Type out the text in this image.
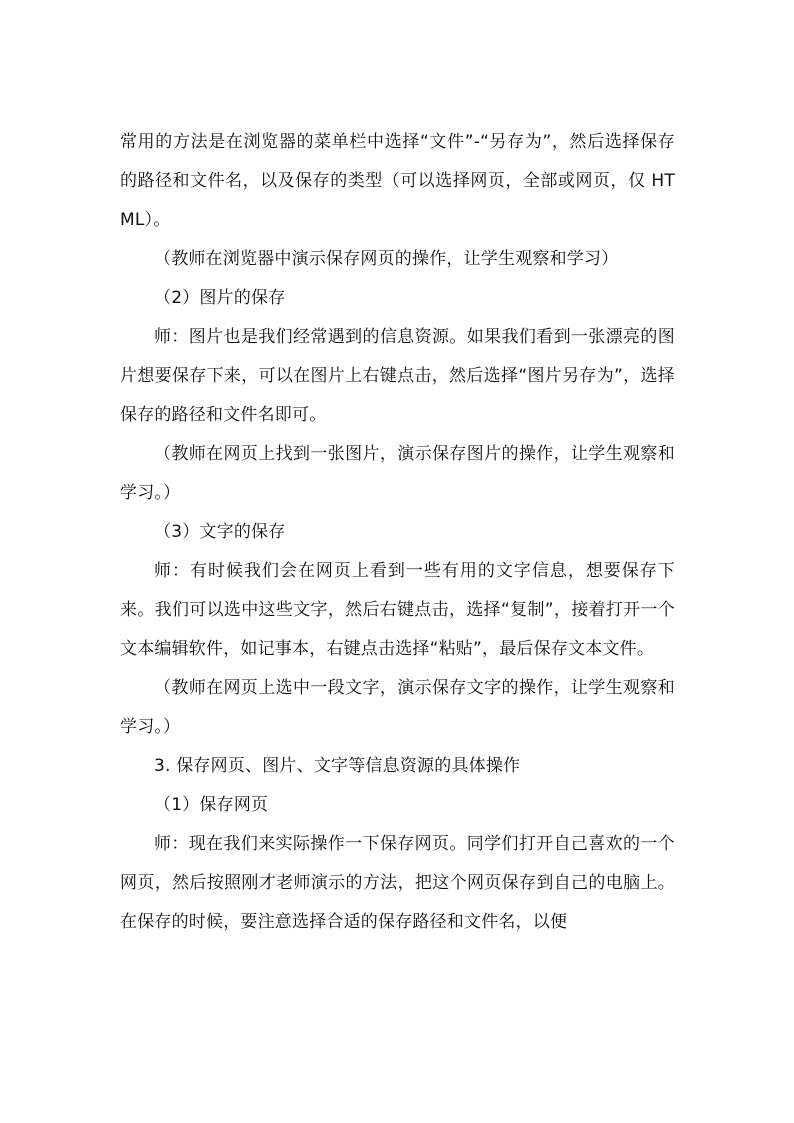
常用的方法是在浏览器的菜单栏中选择“文件”-“另存为”，然后选择保存的路径和文件名，以及保存的类型（可以选择网页，全部或网页，仅 HTML）。

（教师在浏览器中演示保存网页的操作，让学生观察和学习）

（2）图片的保存

师：图片也是我们经常遇到的信息资源。如果我们看到一张漂亮的图片想要保存下来，可以在图片上右键点击，然后选择“图片另存为”，选择保存的路径和文件名即可。

（教师在网页上找到一张图片，演示保存图片的操作，让学生观察和学习。）

（3）文字的保存

师：有时候我们会在网页上看到一些有用的文字信息，想要保存下来。我们可以选中这些文字，然后右键点击，选择“复制”，接着打开一个文本编辑软件，如记事本，右键点击选择“粘贴”，最后保存文本文件。

（教师在网页上选中一段文字，演示保存文字的操作，让学生观察和学习。）

3. 保存网页、图片、文字等信息资源的具体操作

（1）保存网页

师：现在我们来实际操作一下保存网页。同学们打开自己喜欢的一个网页，然后按照刚才老师演示的方法，把这个网页保存到自己的电脑上。在保存的时候，要注意选择合适的保存路径和文件名，以便
